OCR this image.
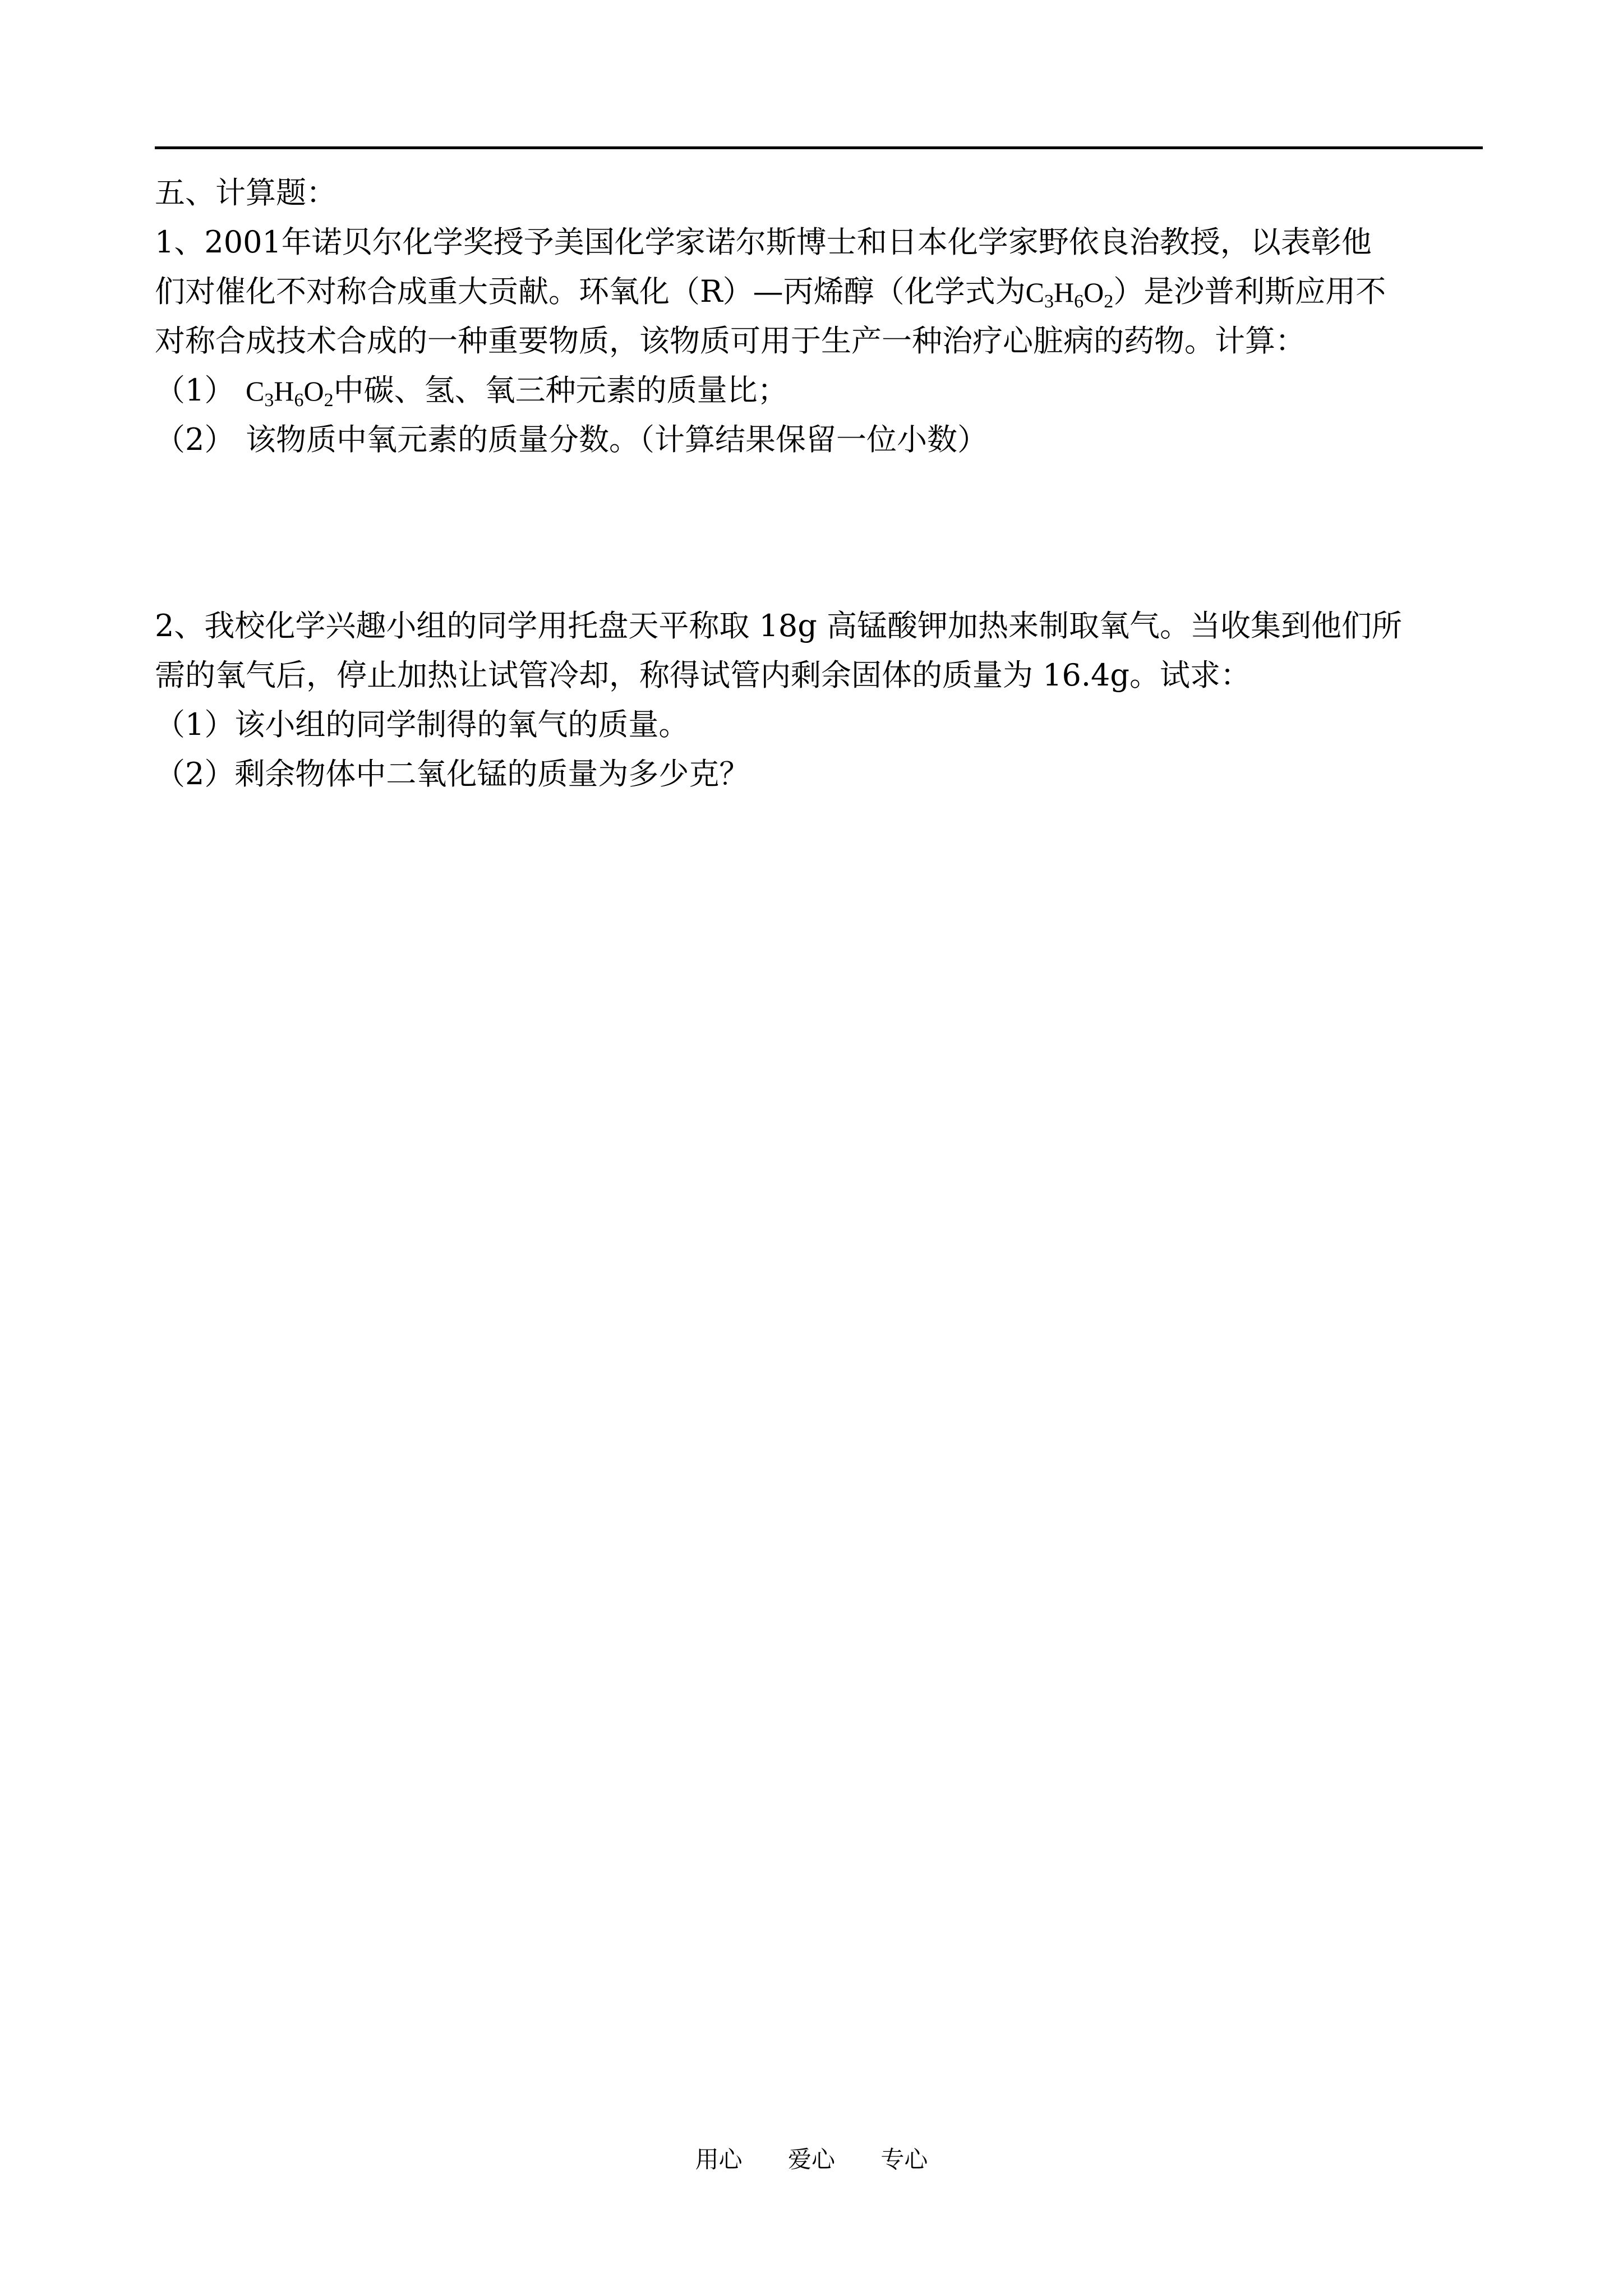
五、计算题：
1、2001年诺贝尔化学奖授予美国化学家诺尔斯博士和日本化学家野依良治教授，以表彰他
们对催化不对称合成重大贡献。环氧化（R）—丙烯醇（化学式为$C_3H_6O_2$）是沙普利斯应用不
对称合成技术合成的一种重要物质，该物质可用于生产一种治疗心脏病的药物。计算：
（1） $C_3H_6O_2$中碳、氢、氧三种元素的质量比；
（2） 该物质中氧元素的质量分数。（计算结果保留一位小数）
2、我校化学兴趣小组的同学用托盘天平称取 18g 高锰酸钾加热来制取氧气。当收集到他们所
需的氧气后，停止加热让试管冷却，称得试管内剩余固体的质量为 16.4g。试求：
（1）该小组的同学制得的氧气的质量。
（2）剩余物体中二氧化锰的质量为多少克？
用心 爱心 专心
